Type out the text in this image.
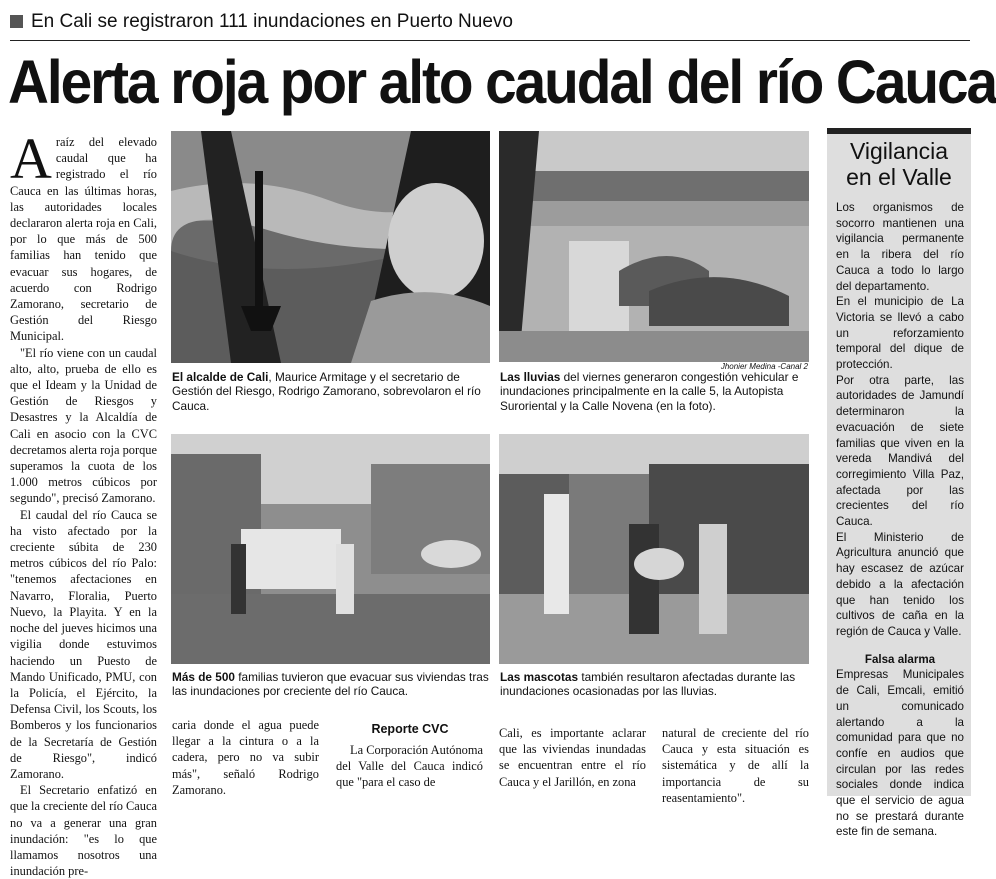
En Cali se registraron 111 inundaciones en Puerto Nuevo
Alerta roja por alto caudal del río Cauca

Araíz del elevado caudal que ha registrado el río Cauca en las últimas horas, las autoridades locales declararon alerta roja en Cali, por lo que más de 500 familias han tenido que evacuar sus hogares, de acuerdo con Rodrigo Zamorano, secretario de Gestión del Riesgo Municipal.

"El río viene con un caudal alto, alto, prueba de ello es que el Ideam y la Unidad de Gestión de Riesgos y Desastres y la Alcaldía de Cali en asocio con la CVC decretamos alerta roja porque superamos la cuota de los 1.000 metros cúbicos por segundo", precisó Zamorano.

El caudal del río Cauca se ha visto afectado por la creciente súbita de 230 metros cúbicos del río Palo: "tenemos afectaciones en Navarro, Floralia, Puerto Nuevo, la Playita. Y en la noche del jueves hicimos una vigilia donde estuvimos haciendo un Puesto de Mando Unificado, PMU, con la Policía, el Ejército, la Defensa Civil, los Scouts, los Bomberos y los funcionarios de la Secretaría de Gestión de Riesgo", indicó Zamorano.

El Secretario enfatizó en que la creciente del río Cauca no va a generar una gran inundación: "es lo que llamamos nosotros una inundación pre-

El alcalde de Cali, Maurice Armitage y el secretario de Gestión del Riesgo, Rodrigo Zamorano, sobrevolaron el río Cauca.
Jhonier Medina -Canal 2
Las lluvias del viernes generaron congestión vehicular e inundaciones principalmente en la calle 5, la Autopista Suroriental y la Calle Novena (en la foto).
Más de 500 familias tuvieron que evacuar sus viviendas tras las inundaciones por creciente del río Cauca.
Las mascotas también resultaron afectadas durante las inundaciones ocasionadas por las lluvias.
caria donde el agua puede llegar a la cintura o a la cadera, pero no va subir más", señaló Rodrigo Zamorano.
Reporte CVC
La Corporación Autónoma del Valle del Cauca indicó que "para el caso de
Cali, es importante aclarar que las viviendas inundadas se encuentran entre el río Cauca y el Jarillón, en zona
natural de creciente del río Cauca y esta situación es sistemática y de allí la importancia de su reasentamiento".
Vigilancia
en el Valle

Los organismos de socorro mantienen una vigilancia permanente en la ribera del río Cauca a todo lo largo del departamento.

En el municipio de La Victoria se llevó a cabo un reforzamiento temporal del dique de protección.

Por otra parte, las autoridades de Jamundí determinaron la evacuación de siete familias que viven en la vereda Mandivá del corregimiento Villa Paz, afectada por las crecientes del río Cauca.

El Ministerio de Agricultura anunció que hay escasez de azúcar debido a la afectación que han tenido los cultivos de caña en la región de Cauca y Valle.

Falsa alarma

Empresas Municipales de Cali, Emcali, emitió un comunicado alertando a la comunidad para que no confíe en audios que circulan por las redes sociales donde indica que el servicio de agua no se prestará durante este fin de semana.
